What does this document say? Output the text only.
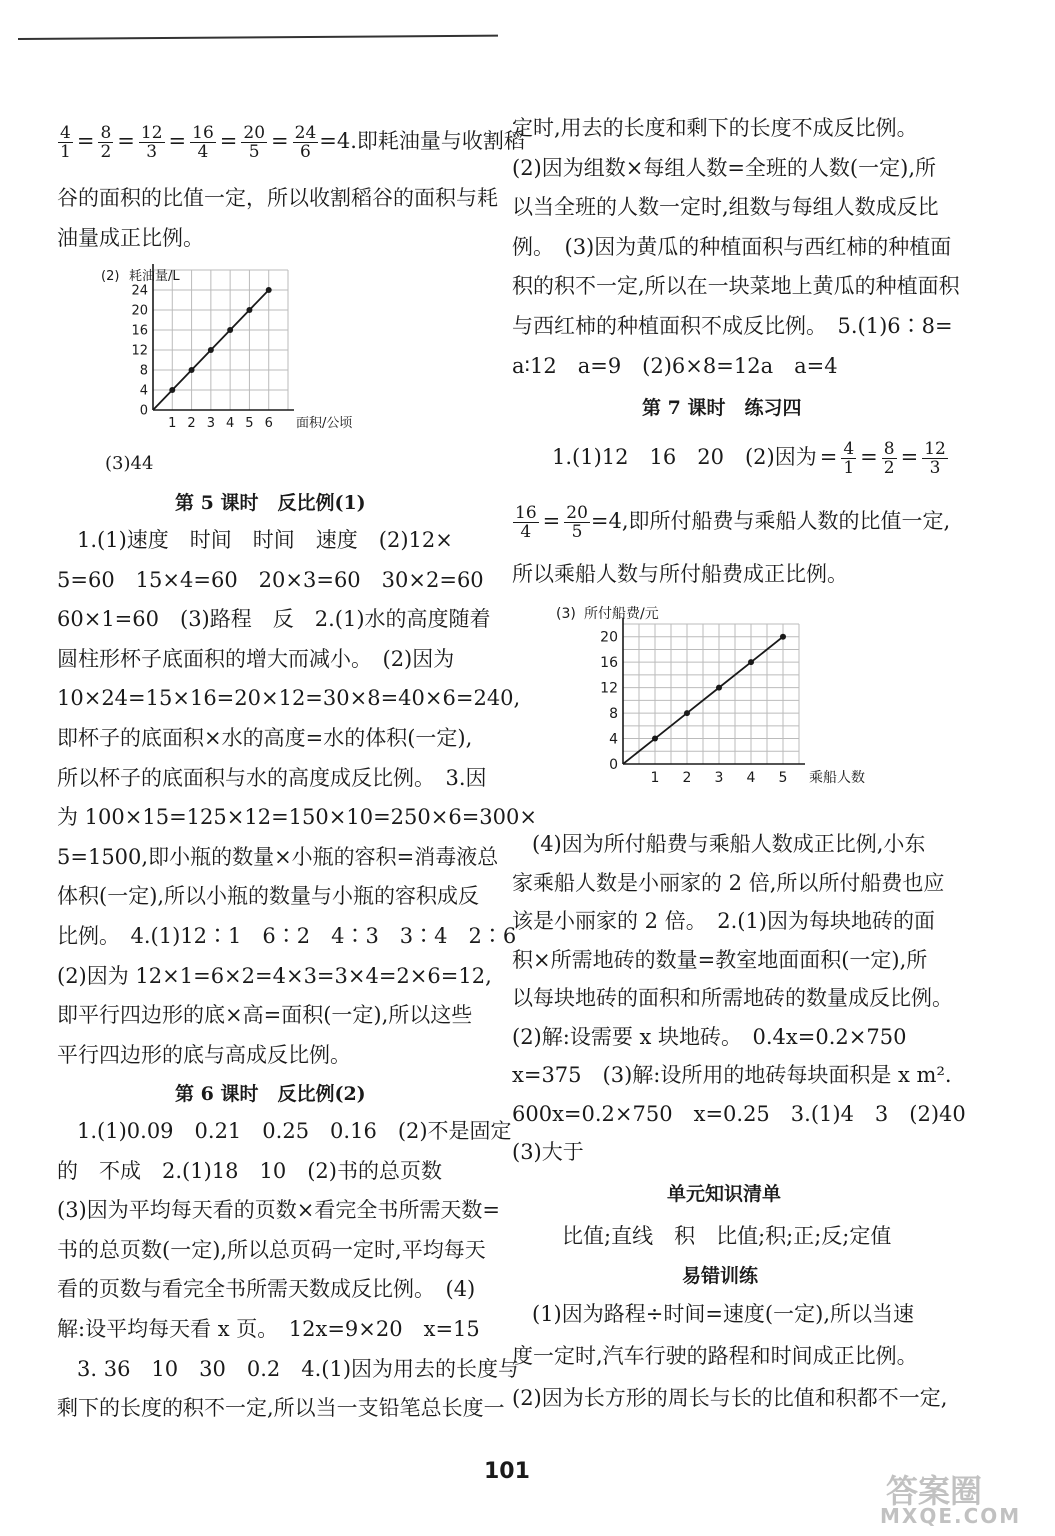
$\frac{4}{1} = \frac{8}{2} = \frac{12}{3} = \frac{16}{4} = \frac{20}{5} = \frac{24}{6} =4$.即耗油量与收割稻
谷的面积的比值一定，所以收割稻谷的面积与耗
油量成正比例。
1 2 3 4 5 6
0
4
8
12
16
20
24
(2) 耗油量/L
面积/公顷
(3)44
第 5 课时　反比例(1)
1.(1)速度　时间　时间　速度　(2)12×
5=60　15×4=60　20×3=60　30×2=60
60×1=60　(3)路程　反　2.(1)水的高度随着
圆柱形杯子底面积的增大而减小。　(2)因为
10×24=15×16=20×12=30×8=40×6=240,
即杯子的底面积×水的高度=水的体积(一定),
所以杯子的底面积与水的高度成反比例。　3.因
为 100×15=125×12=150×10=250×6=300×
5=1500,即小瓶的数量×小瓶的容积=消毒液总
体积(一定),所以小瓶的数量与小瓶的容积成反
比例。　4.(1)12∶1　6∶2　4∶3　3∶4　2∶6
(2)因为 12×1=6×2=4×3=3×4=2×6=12,
即平行四边形的底×高=面积(一定),所以这些
平行四边形的底与高成反比例。
第 6 课时　反比例(2)
1.(1)0.09　0.21　0.25　0.16　(2)不是固定
的　不成　2.(1)18　10　(2)书的总页数
(3)因为平均每天看的页数×看完全书所需天数=
书的总页数(一定),所以总页码一定时,平均每天
看的页数与看完全书所需天数成反比例。　(4)
解:设平均每天看 x 页。　12x=9×20　x=15
3. 36　10　30　0.2　4.(1)因为用去的长度与
剩下的长度的积不一定,所以当一支铅笔总长度一
定时,用去的长度和剩下的长度不成反比例。
(2)因为组数×每组人数=全班的人数(一定),所
以当全班的人数一定时,组数与每组人数成反比
例。　(3)因为黄瓜的种植面积与西红柿的种植面
积的积不一定,所以在一块菜地上黄瓜的种植面积
与西红柿的种植面积不成反比例。　5.(1)6∶8=
a∶12　a=9　(2)6×8=12a　a=4
第 7 课时　练习四
1.(1)12　16　20　(2)因为 = $\frac{4}{1} = \frac{8}{2} = \frac{12}{3}$
$\frac{16}{4} = \frac{20}{5} =4$,即所付船费与乘船人数的比值一定,
所以乘船人数与所付船费成正比例。
1 2 3 4 5
0
4
8
12
16
20
(3) 所付船费/元
乘船人数
(4)因为所付船费与乘船人数成正比例,小东
家乘船人数是小丽家的 2 倍,所以所付船费也应
该是小丽家的 2 倍。　2.(1)因为每块地砖的面
积×所需地砖的数量=教室地面面积(一定),所
以每块地砖的面积和所需地砖的数量成反比例。
(2)解:设需要 x 块地砖。　0.4x=0.2×750
x=375　(3)解:设所用的地砖每块面积是 x m².
600x=0.2×750　x=0.25　3.(1)4　3　(2)40
(3)大于
单元知识清单
比值;直线　积　比值;积;正;反;定值
易错训练
(1)因为路程÷时间=速度(一定),所以当速
度一定时,汽车行驶的路程和时间成正比例。
(2)因为长方形的周长与长的比值和积都不一定,
101
答案圈
MXQE.COM
